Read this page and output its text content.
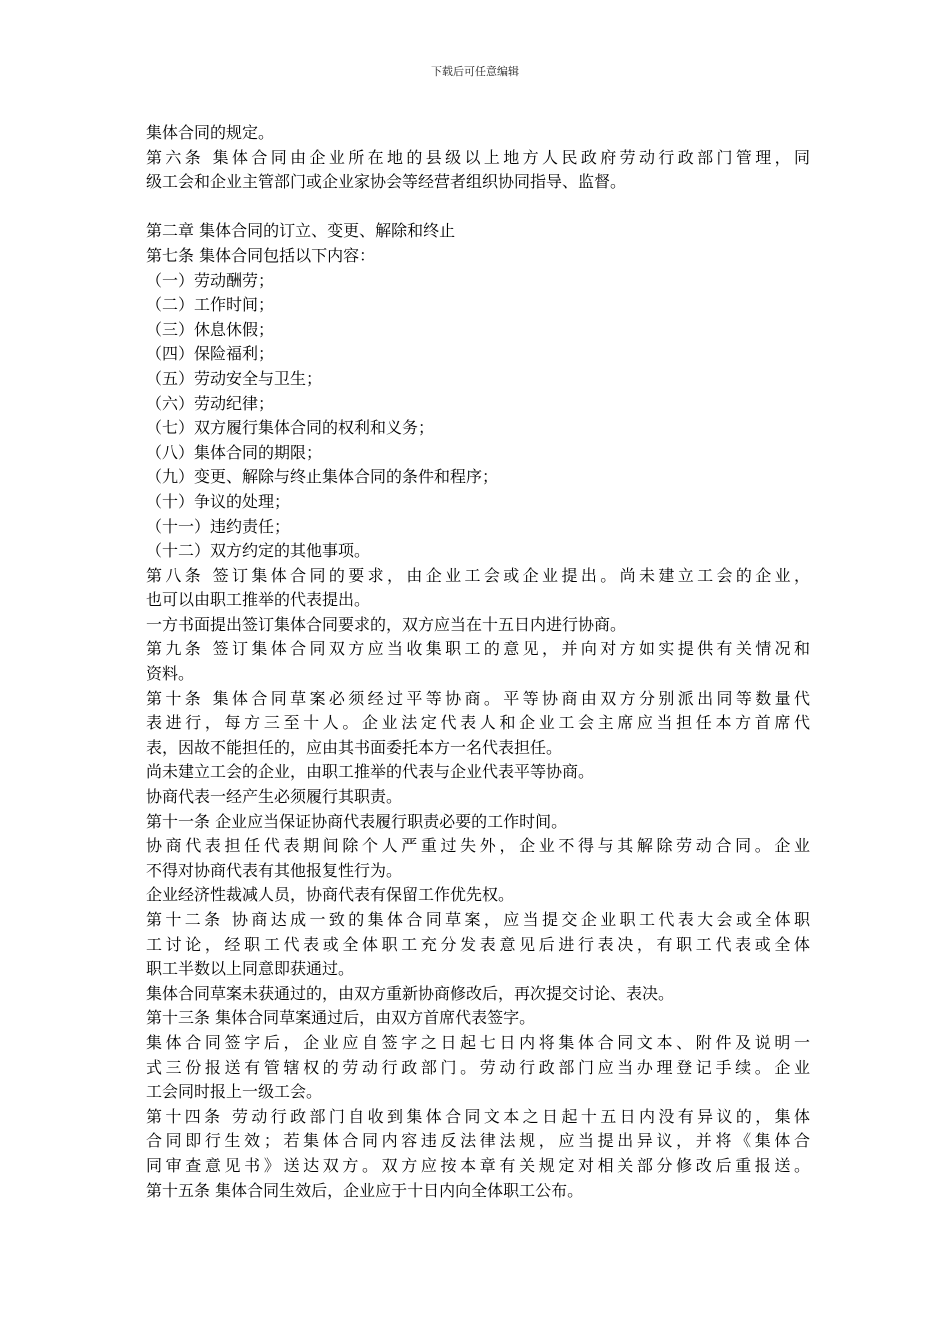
下载后可任意编辑
集体合同的规定。
第六条 集体合同由企业所在地的县级以上地方人民政府劳动行政部门管理，同
级工会和企业主管部门或企业家协会等经营者组织协同指导、监督。
第二章 集体合同的订立、变更、解除和终止
第七条 集体合同包括以下内容：
（一）劳动酬劳；
（二）工作时间；
（三）休息休假；
（四）保险福利；
（五）劳动安全与卫生；
（六）劳动纪律；
（七）双方履行集体合同的权利和义务；
（八）集体合同的期限；
（九）变更、解除与终止集体合同的条件和程序；
（十）争议的处理；
（十一）违约责任；
（十二）双方约定的其他事项。
第八条 签订集体合同的要求，由企业工会或企业提出。尚未建立工会的企业，
也可以由职工推举的代表提出。
一方书面提出签订集体合同要求的，双方应当在十五日内进行协商。
第九条 签订集体合同双方应当收集职工的意见，并向对方如实提供有关情况和
资料。
第十条 集体合同草案必须经过平等协商。平等协商由双方分别派出同等数量代
表进行，每方三至十人。企业法定代表人和企业工会主席应当担任本方首席代
表，因故不能担任的，应由其书面委托本方一名代表担任。
尚未建立工会的企业，由职工推举的代表与企业代表平等协商。
协商代表一经产生必须履行其职责。
第十一条 企业应当保证协商代表履行职责必要的工作时间。
协商代表担任代表期间除个人严重过失外，企业不得与其解除劳动合同。企业
不得对协商代表有其他报复性行为。
企业经济性裁减人员，协商代表有保留工作优先权。
第十二条 协商达成一致的集体合同草案，应当提交企业职工代表大会或全体职
工讨论，经职工代表或全体职工充分发表意见后进行表决，有职工代表或全体
职工半数以上同意即获通过。
集体合同草案未获通过的，由双方重新协商修改后，再次提交讨论、表决。
第十三条 集体合同草案通过后，由双方首席代表签字。
集体合同签字后，企业应自签字之日起七日内将集体合同文本、附件及说明一
式三份报送有管辖权的劳动行政部门。劳动行政部门应当办理登记手续。企业
工会同时报上一级工会。
第十四条 劳动行政部门自收到集体合同文本之日起十五日内没有异议的，集体
合同即行生效；若集体合同内容违反法律法规，应当提出异议，并将《集体合
同审查意见书》送达双方。双方应按本章有关规定对相关部分修改后重报送。
第十五条 集体合同生效后，企业应于十日内向全体职工公布。
